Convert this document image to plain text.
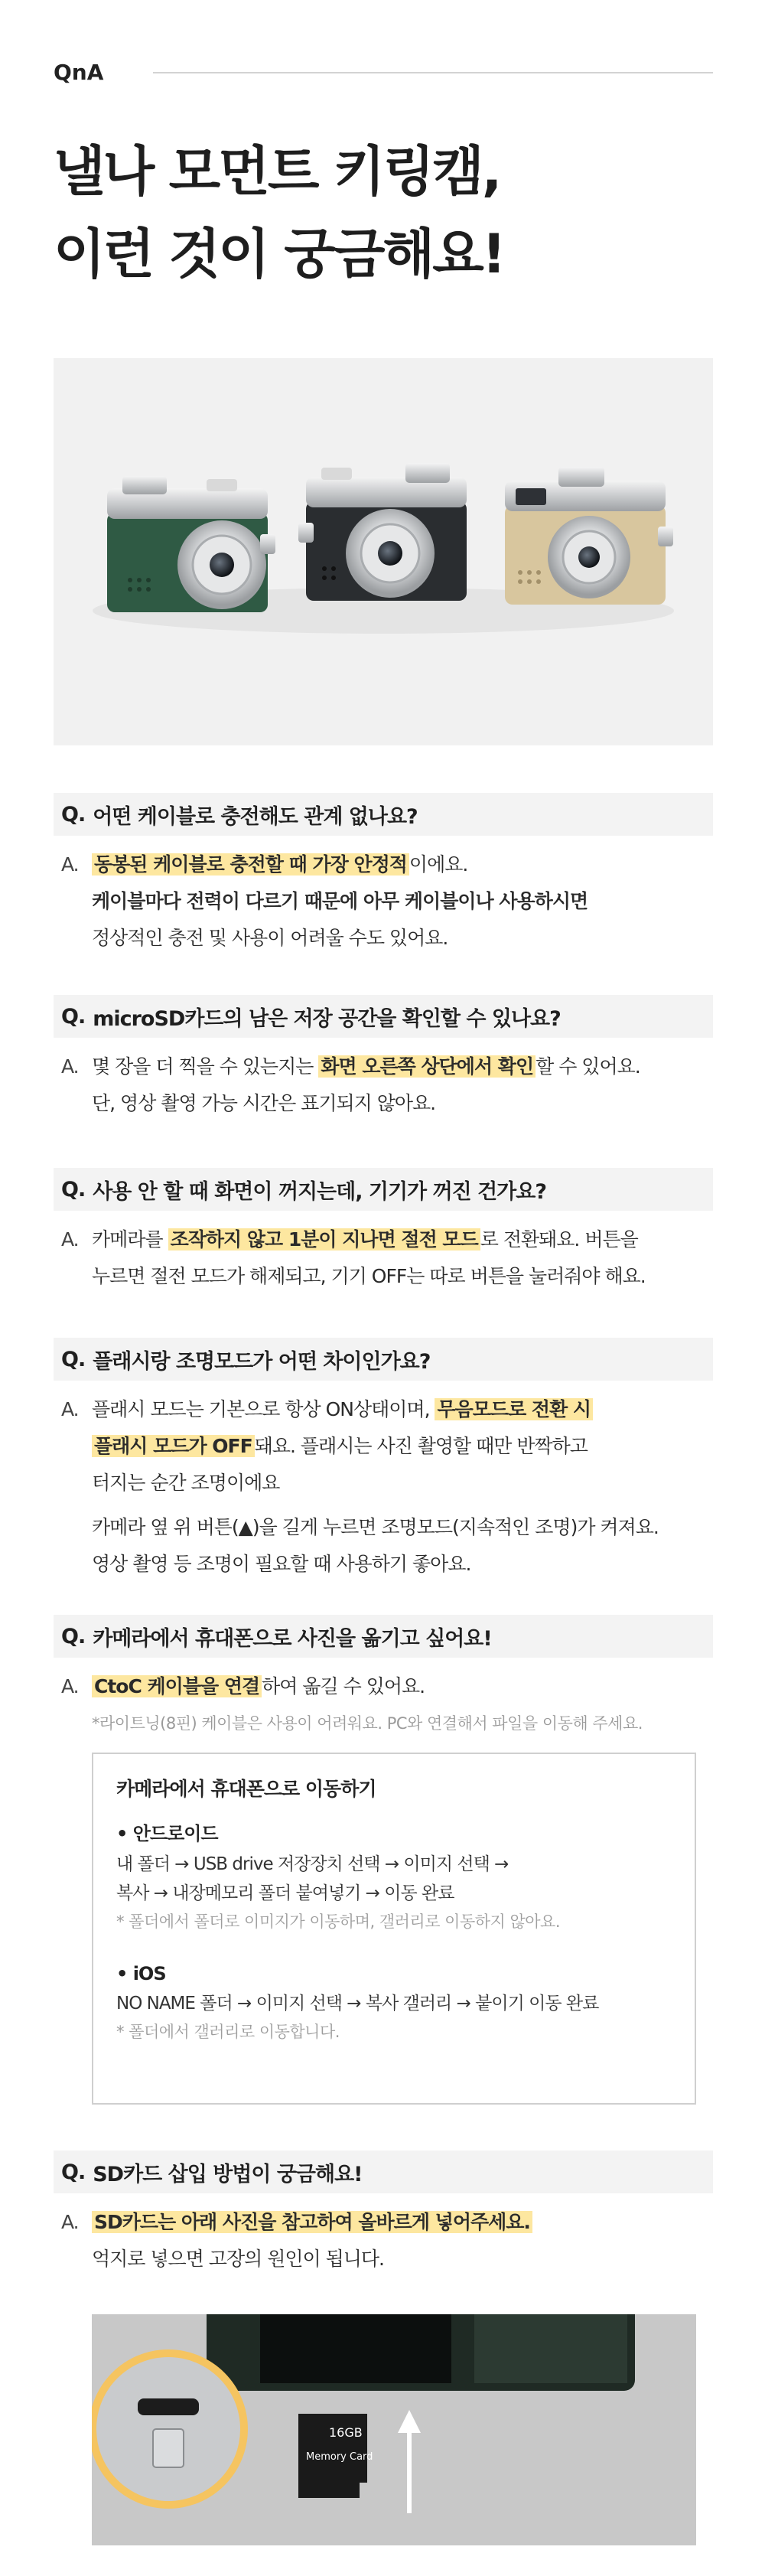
QnA
낼나 모먼트 키링캠,
이런 것이 궁금해요!
Q. 어떤 케이블로 충전해도 관계 없나요?
A. 동봉된 케이블로 충전할 때 가장 안정적 이에요.
케이블마다 전력이 다르기 때문에 아무 케이블이나 사용하시면
정상적인 충전 및 사용이 어려울 수도 있어요.
Q. microSD카드의 남은 저장 공간을 확인할 수 있나요?
A. 몇 장을 더 찍을 수 있는지는 화면 오른쪽 상단에서 확인 할 수 있어요.
단, 영상 촬영 가능 시간은 표기되지 않아요.
Q. 사용 안 할 때 화면이 꺼지는데, 기기가 꺼진 건가요?
A. 카메라를 조작하지 않고 1분이 지나면 절전 모드 로 전환돼요. 버튼을
누르면 절전 모드가 해제되고, 기기 OFF는 따로 버튼을 눌러줘야 해요.
Q. 플래시랑 조명모드가 어떤 차이인가요?
A. 플래시 모드는 기본으로 항상 ON상태이며, 무음모드로 전환 시
플래시 모드가 OFF 돼요. 플래시는 사진 촬영할 때만 반짝하고
터지는 순간 조명이에요
카메라 옆 위 버튼(▲)을 길게 누르면 조명모드(지속적인 조명)가 켜져요.
영상 촬영 등 조명이 필요할 때 사용하기 좋아요.
Q. 카메라에서 휴대폰으로 사진을 옮기고 싶어요!
A. CtoC 케이블을 연결 하여 옮길 수 있어요.
*라이트닝(8핀) 케이블은 사용이 어려워요. PC와 연결해서 파일을 이동해 주세요.
카메라에서 휴대폰으로 이동하기
• 안드로이드
내 폴더 → USB drive 저장장치 선택 → 이미지 선택 →
복사 → 내장메모리 폴더 붙여넣기 → 이동 완료
* 폴더에서 폴더로 이미지가 이동하며, 갤러리로 이동하지 않아요.
• iOS
NO NAME 폴더 → 이미지 선택 → 복사 갤러리 → 붙이기 이동 완료
* 폴더에서 갤러리로 이동합니다.
Q. SD카드 삽입 방법이 궁금해요!
A. SD카드는 아래 사진을 참고하여 올바르게 넣어주세요.
억지로 넣으면 고장의 원인이 됩니다.
Memory Card
16GB
